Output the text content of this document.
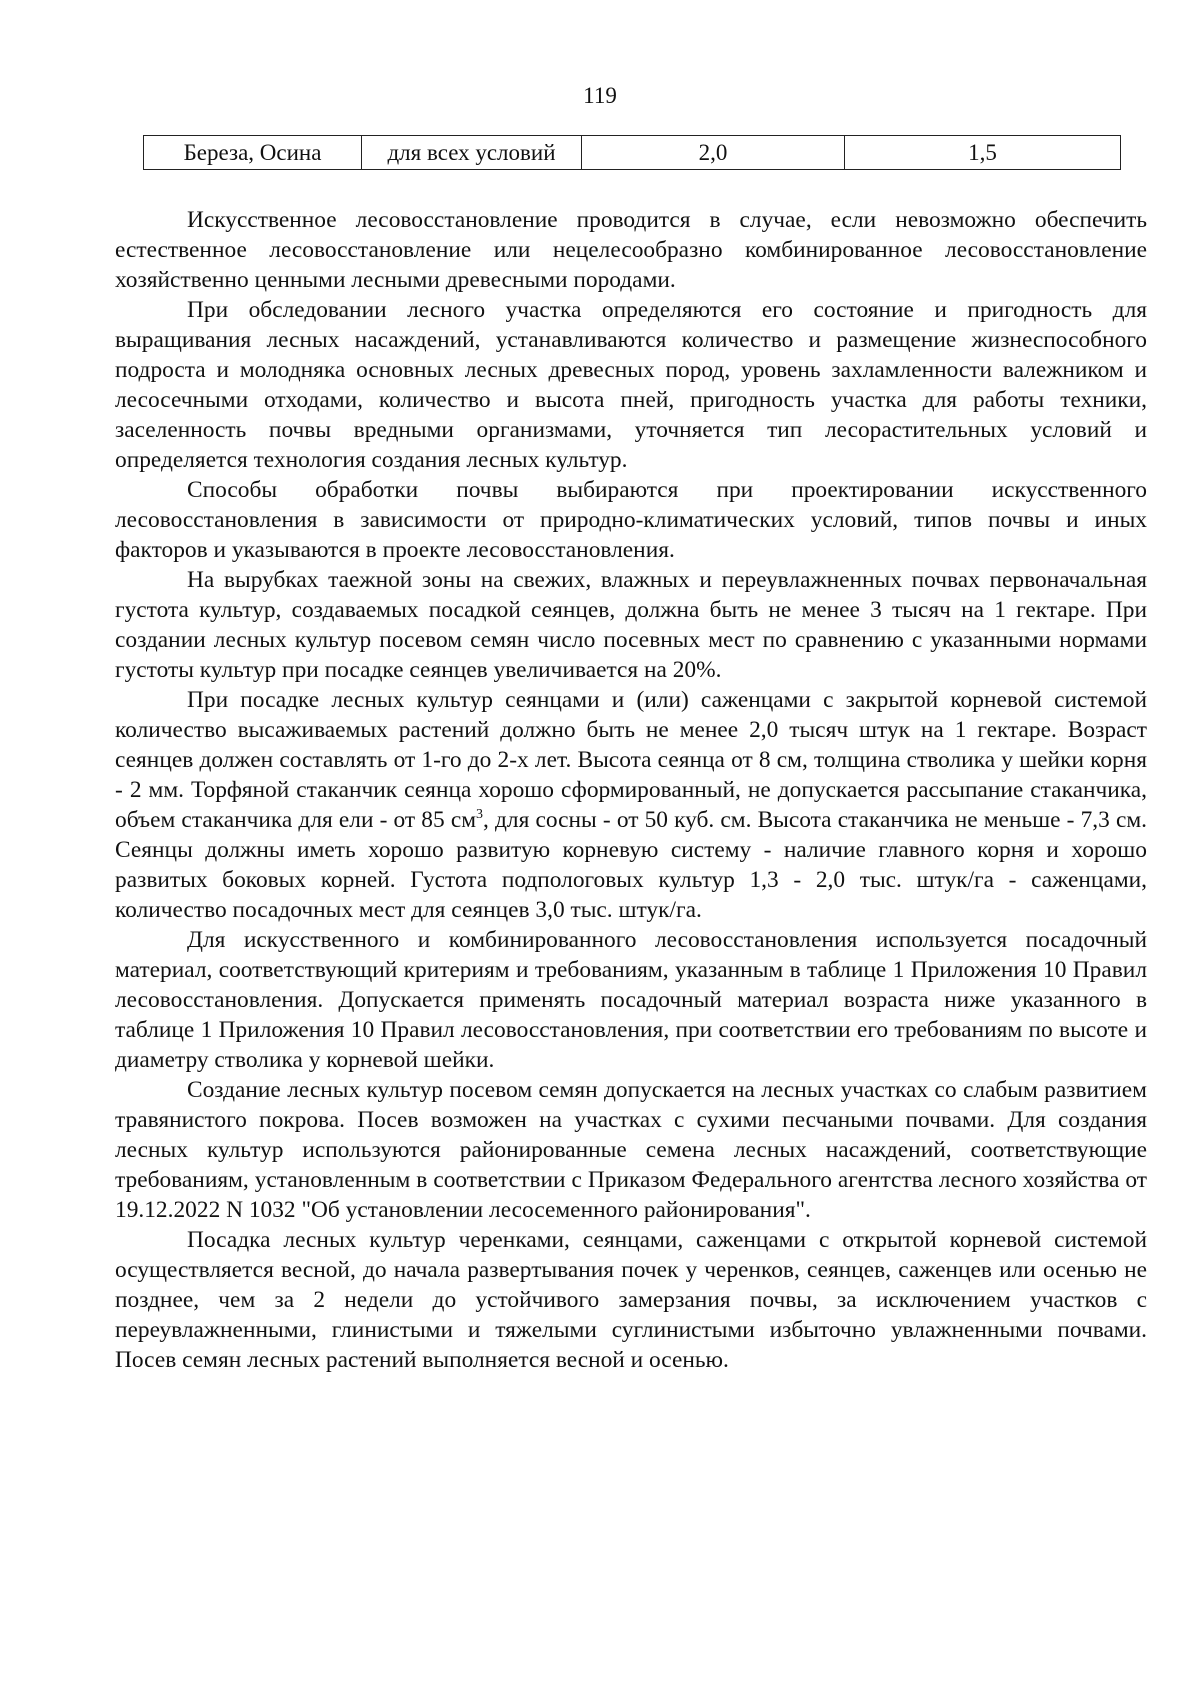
119
Береза, Осина	для всех условий	2,0	1,5

Искусственное лесовосстановление проводится в случае, если невозможно обеспечить естественное лесовосстановление или нецелесообразно комбинированное лесовосстановление хозяйственно ценными лесными древесными породами.

При обследовании лесного участка определяются его состояние и пригодность для выращивания лесных насаждений, устанавливаются количество и размещение жизнеспособного подроста и молодняка основных лесных древесных пород, уровень захламленности валежником и лесосечными отходами, количество и высота пней, пригодность участка для работы техники, заселенность почвы вредными организмами, уточняется тип лесорастительных условий и определяется технология создания лесных культур.

Способы обработки почвы выбираются при проектировании искусственного лесовосстановления в зависимости от природно-климатических условий, типов почвы и иных факторов и указываются в проекте лесовосстановления.

На вырубках таежной зоны на свежих, влажных и переувлажненных почвах первоначальная густота культур, создаваемых посадкой сеянцев, должна быть не менее 3 тысяч на 1 гектаре. При создании лесных культур посевом семян число посевных мест по сравнению с указанными нормами густоты культур при посадке сеянцев увеличивается на 20%.

При посадке лесных культур сеянцами и (или) саженцами с закрытой корневой системой количество высаживаемых растений должно быть не менее 2,0 тысяч штук на 1 гектаре. Возраст сеянцев должен составлять от 1-го до 2-х лет. Высота сеянца от 8 см, толщина стволика у шейки корня - 2 мм. Торфяной стаканчик сеянца хорошо сформированный, не допускается рассыпание стаканчика, объем стаканчика для ели - от 85 $см^3$, для сосны - от 50 куб. см. Высота стаканчика не меньше - 7,3 см. Сеянцы должны иметь хорошо развитую корневую систему - наличие главного корня и хорошо развитых боковых корней. Густота подпологовых культур 1,3 - 2,0 тыс. штук/га - саженцами, количество посадочных мест для сеянцев 3,0 тыс. штук/га.

Для искусственного и комбинированного лесовосстановления используется посадочный материал, соответствующий критериям и требованиям, указанным в таблице 1 Приложения 10 Правил лесовосстановления. Допускается применять посадочный материал возраста ниже указанного в таблице 1 Приложения 10 Правил лесовосстановления, при соответствии его требованиям по высоте и диаметру стволика у корневой шейки.

Создание лесных культур посевом семян допускается на лесных участках со слабым развитием травянистого покрова. Посев возможен на участках с сухими песчаными почвами. Для создания лесных культур используются районированные семена лесных насаждений, соответствующие требованиям, установленным в соответствии с Приказом Федерального агентства лесного хозяйства от 19.12.2022 N 1032 "Об установлении лесосеменного районирования".

Посадка лесных культур черенками, сеянцами, саженцами с открытой корневой системой осуществляется весной, до начала развертывания почек у черенков, сеянцев, саженцев или осенью не позднее, чем за 2 недели до устойчивого замерзания почвы, за исключением участков с переувлажненными, глинистыми и тяжелыми суглинистыми избыточно увлажненными почвами. Посев семян лесных растений выполняется весной и осенью.
